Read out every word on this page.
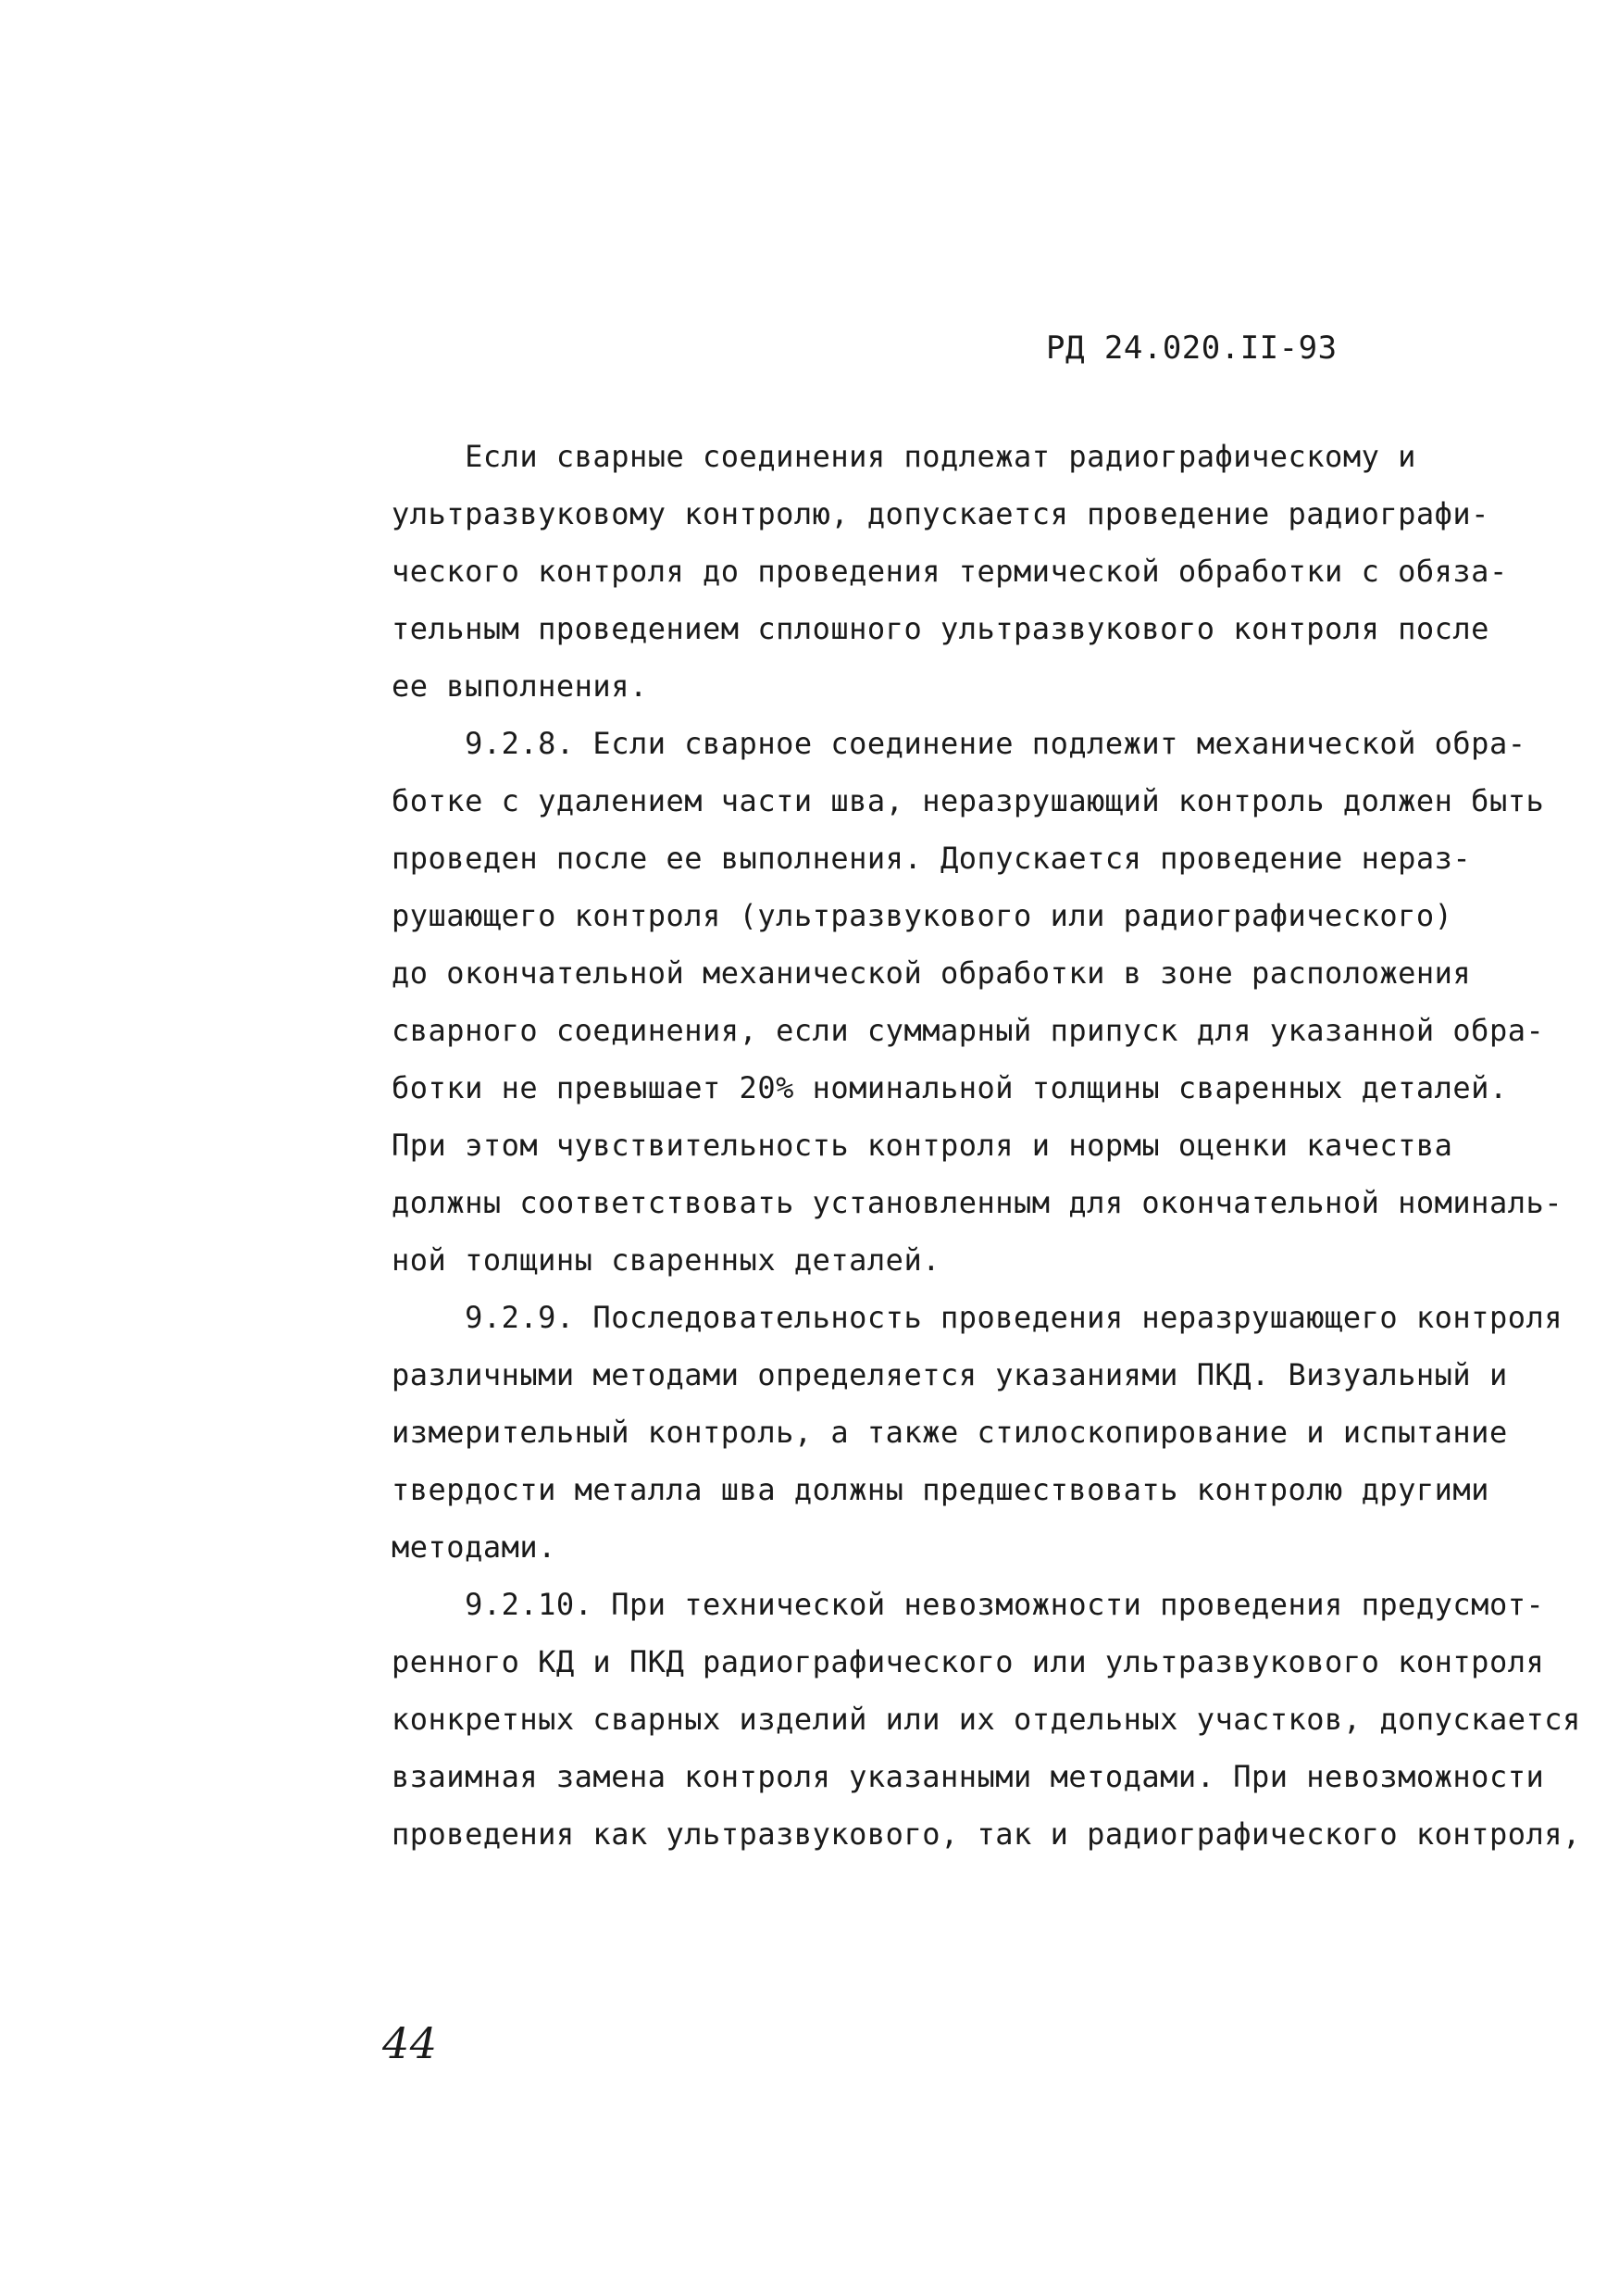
РД 24.020.II-93
Если сварные соединения подлежат радиографическому и
ультразвуковому контролю, допускается проведение радиографи-
ческого контроля до проведения термической обработки с обяза-
тельным проведением сплошного ультразвукового контроля после
ее выполнения.
9.2.8. Если сварное соединение подлежит механической обра-
ботке с удалением части шва, неразрушающий контроль должен быть
проведен после ее выполнения. Допускается проведение нераз-
рушающего контроля (ультразвукового или радиографического)
до окончательной механической обработки в зоне расположения
сварного соединения, если суммарный припуск для указанной обра-
ботки не превышает 20% номинальной толщины сваренных деталей.
При этом чувствительность контроля и нормы оценки качества
должны соответствовать установленным для окончательной номиналь-
ной толщины сваренных деталей.
9.2.9. Последовательность проведения неразрушающего контроля
различными методами определяется указаниями ПКД. Визуальный и
измерительный контроль, а также стилоскопирование и испытание
твердости металла шва должны предшествовать контролю другими
методами.
9.2.10. При технической невозможности проведения предусмот-
ренного КД и ПКД радиографического или ультразвукового контроля
конкретных сварных изделий или их отдельных участков, допускается
взаимная замена контроля указанными методами. При невозможности
проведения как ультразвукового, так и радиографического контроля,
44
